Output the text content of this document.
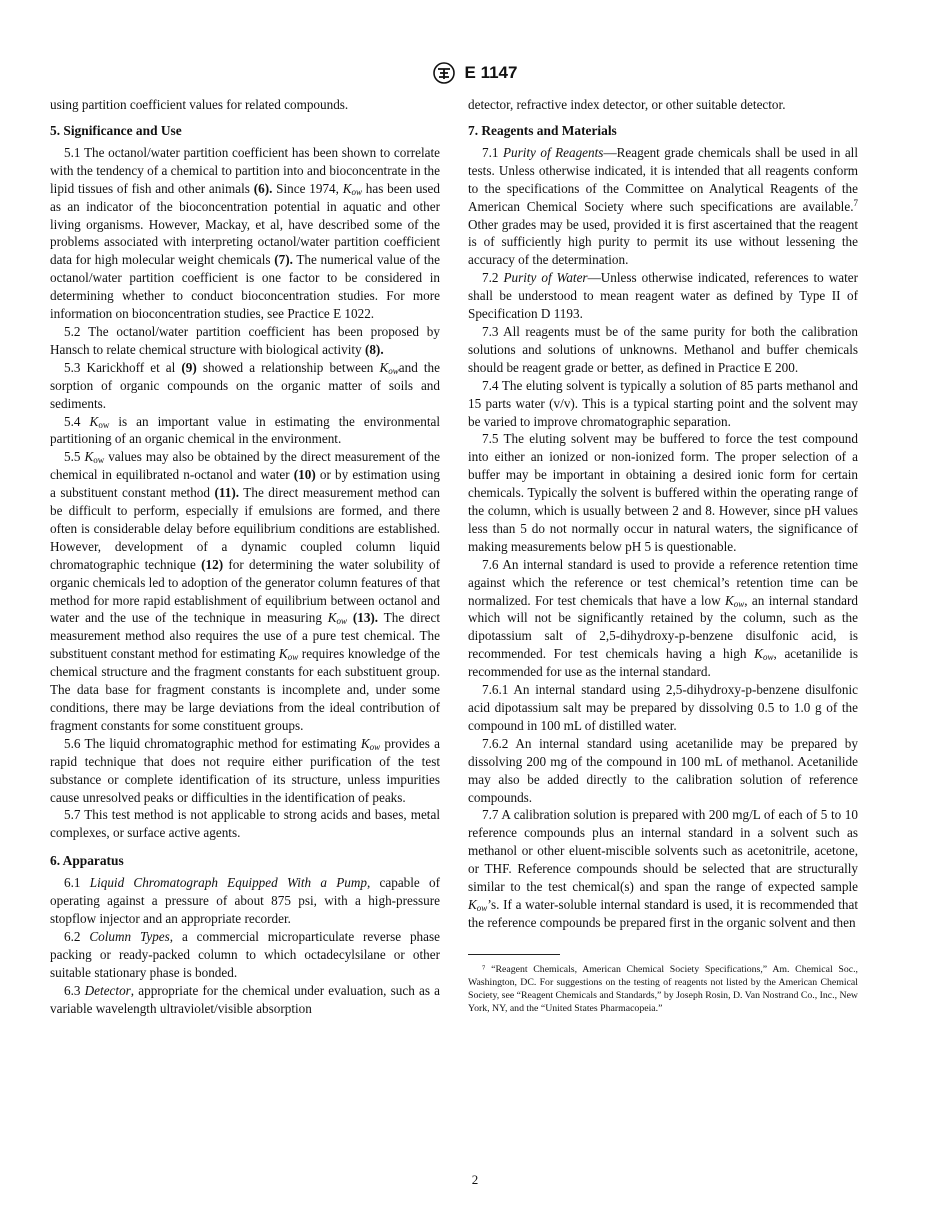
E 1147

using partition coefficient values for related compounds.

5. Significance and Use

5.1 The octanol/water partition coefficient has been shown to correlate with the tendency of a chemical to partition into and bioconcentrate in the lipid tissues of fish and other animals (6). Since 1974, $K_{ow}$ has been used as an indicator of the bioconcentration potential in aquatic and other living organisms. However, Mackay, et al, have described some of the problems associated with interpreting octanol/water partition coefficient data for high molecular weight chemicals (7). The numerical value of the octanol/water partition coefficient is one factor to be considered in determining whether to conduct bioconcentration studies. For more information on bioconcentration studies, see Practice E 1022.

5.2 The octanol/water partition coefficient has been proposed by Hansch to relate chemical structure with biological activity (8).

5.3 Karickhoff et al (9) showed a relationship between $K_{ow}and$ the sorption of organic compounds on the organic matter of soils and sediments.

5.4 $K_{ow}$ is an important value in estimating the environmental partitioning of an organic chemical in the environment.

5.5 $K_{ow}$ values may also be obtained by the direct measurement of the chemical in equilibrated n-octanol and water (10) or by estimation using a substituent constant method (11). The direct measurement method can be difficult to perform, especially if emulsions are formed, and there often is considerable delay before equilibrium conditions are established. However, development of a dynamic coupled column liquid chromatographic technique (12) for determining the water solubility of organic chemicals led to adoption of the generator column features of that method for more rapid establishment of equilibrium between octanol and water and the use of the technique in measuring $K_{ow}$ (13). The direct measurement method also requires the use of a pure test chemical. The substituent constant method for estimating $K_{ow}$ requires knowledge of the chemical structure and the fragment constants for each substituent group. The data base for fragment constants is incomplete and, under some conditions, there may be large deviations from the ideal contribution of fragment constants for some constituent groups.

5.6 The liquid chromatographic method for estimating $K_{ow}$ provides a rapid technique that does not require either purification of the test substance or complete identification of its structure, unless impurities cause unresolved peaks or difficulties in the identification of peaks.

5.7 This test method is not applicable to strong acids and bases, metal complexes, or surface active agents.

6. Apparatus

6.1 Liquid Chromatograph Equipped With a Pump, capable of operating against a pressure of about 875 psi, with a high-pressure stopflow injector and an appropriate recorder.

6.2 Column Types, a commercial microparticulate reverse phase packing or ready-packed column to which octadecylsilane or other suitable stationary phase is bonded.

6.3 Detector, appropriate for the chemical under evaluation, such as a variable wavelength ultraviolet/visible absorption

detector, refractive index detector, or other suitable detector.

7. Reagents and Materials

7.1 Purity of Reagents—Reagent grade chemicals shall be used in all tests. Unless otherwise indicated, it is intended that all reagents conform to the specifications of the Committee on Analytical Reagents of the American Chemical Society where such specifications are available.$^7$ Other grades may be used, provided it is first ascertained that the reagent is of sufficiently high purity to permit its use without lessening the accuracy of the determination.

7.2 Purity of Water—Unless otherwise indicated, references to water shall be understood to mean reagent water as defined by Type II of Specification D 1193.

7.3 All reagents must be of the same purity for both the calibration solutions and solutions of unknowns. Methanol and buffer chemicals should be reagent grade or better, as defined in Practice E 200.

7.4 The eluting solvent is typically a solution of 85 parts methanol and 15 parts water (v/v). This is a typical starting point and the solvent may be varied to improve chromatographic separation.

7.5 The eluting solvent may be buffered to force the test compound into either an ionized or non-ionized form. The proper selection of a buffer may be important in obtaining a desired ionic form for certain chemicals. Typically the solvent is buffered within the operating range of the column, which is usually between 2 and 8. However, since pH values less than 5 do not normally occur in natural waters, the significance of making measurements below pH 5 is questionable.

7.6 An internal standard is used to provide a reference retention time against which the reference or test chemical’s retention time can be normalized. For test chemicals that have a low $K_{ow}$, an internal standard which will not be significantly retained by the column, such as the dipotassium salt of 2,5-dihydroxy-p-benzene disulfonic acid, is recommended. For test chemicals having a high $K_{ow}$, acetanilide is recommended for use as the internal standard.

7.6.1 An internal standard using 2,5-dihydroxy-p-benzene disulfonic acid dipotassium salt may be prepared by dissolving 0.5 to 1.0 g of the compound in 100 mL of distilled water.

7.6.2 An internal standard using acetanilide may be prepared by dissolving 200 mg of the compound in 100 mL of methanol. Acetanilide may also be added directly to the calibration solution of reference compounds.

7.7 A calibration solution is prepared with 200 mg/L of each of 5 to 10 reference compounds plus an internal standard in a solvent such as methanol or other eluent-miscible solvents such as acetonitrile, acetone, or THF. Reference compounds should be selected that are structurally similar to the test chemical(s) and span the range of expected sample $K_{ow}’s$. If a water-soluble internal standard is used, it is recommended that the reference compounds be prepared first in the organic solvent and then

⁷ “Reagent Chemicals, American Chemical Society Specifications,” Am. Chemical Soc., Washington, DC. For suggestions on the testing of reagents not listed by the American Chemical Society, see “Reagent Chemicals and Standards,” by Joseph Rosin, D. Van Nostrand Co., Inc., New York, NY, and the “United States Pharmacopeia.”

2
